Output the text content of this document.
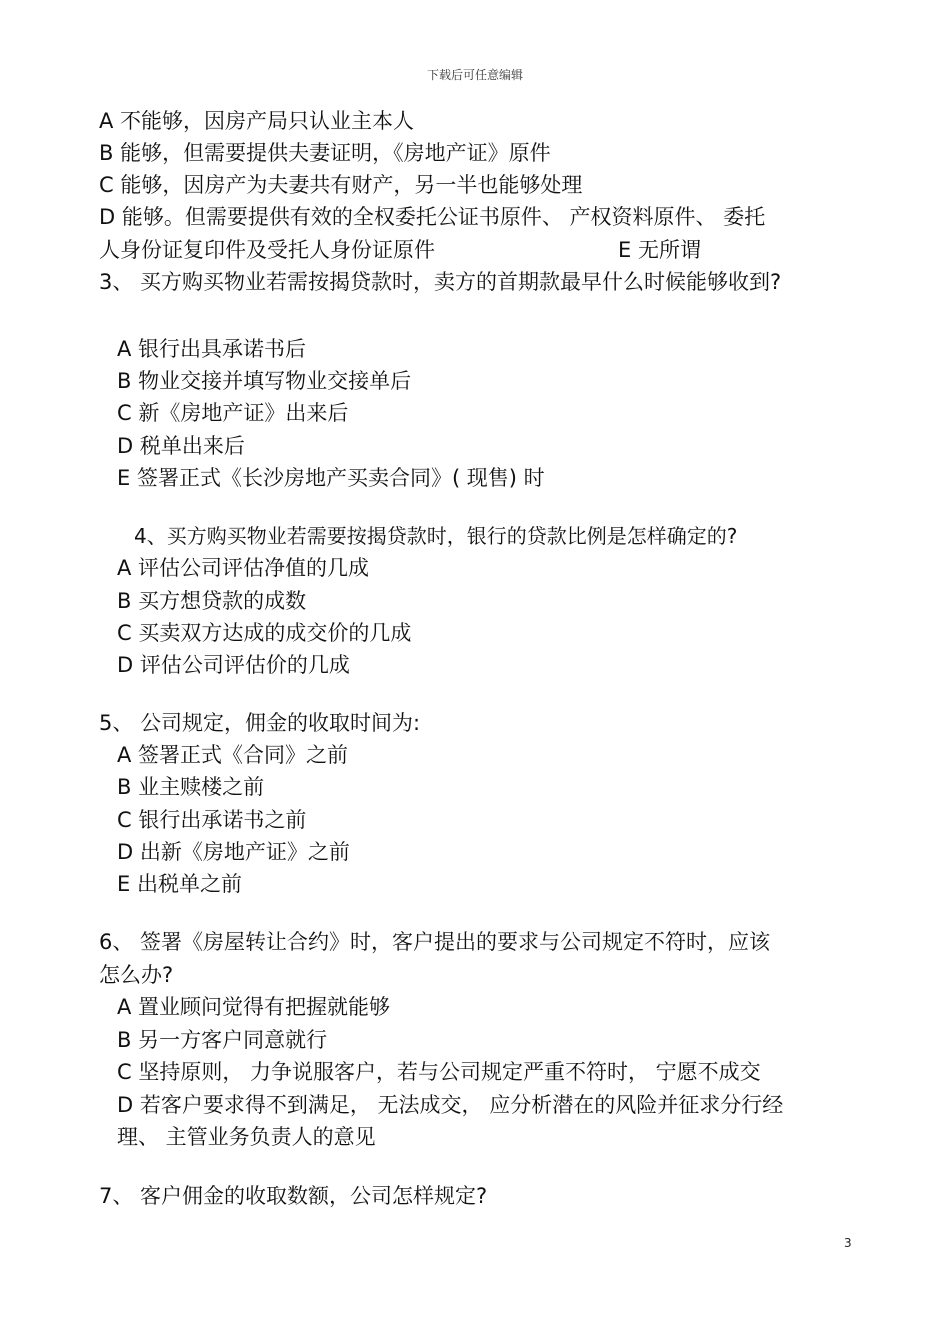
下载后可任意编辑
A 不能够，因房产局只认业主本人
B 能够，但需要提供夫妻证明，《房地产证》原件
C 能够，因房产为夫妻共有财产，另一半也能够处理
D 能够。但需要提供有效的全权委托公证书原件、 产权资料原件、 委托
人身份证复印件及受托人身份证原件	E 无所谓
3、 买方购买物业若需按揭贷款时，卖方的首期款最早什么时候能够收到?
A 银行出具承诺书后
B 物业交接并填写物业交接单后
C 新《房地产证》出来后
D 税单出来后
E 签署正式《长沙房地产买卖合同》( 现售) 时
4、买方购买物业若需要按揭贷款时，银行的贷款比例是怎样确定的?
A 评估公司评估净值的几成
B 买方想贷款的成数
C 买卖双方达成的成交价的几成
D 评估公司评估价的几成
5、 公司规定，佣金的收取时间为:
A 签署正式《合同》之前
B 业主赎楼之前
C 银行出承诺书之前
D 出新《房地产证》之前
E 出税单之前
6、 签署《房屋转让合约》时，客户提出的要求与公司规定不符时，应该
怎么办?
A 置业顾问觉得有把握就能够
B 另一方客户同意就行
C 坚持原则， 力争说服客户，若与公司规定严重不符时， 宁愿不成交
D 若客户要求得不到满足， 无法成交， 应分析潜在的风险并征求分行经
理、 主管业务负责人的意见
7、 客户佣金的收取数额，公司怎样规定?
3
